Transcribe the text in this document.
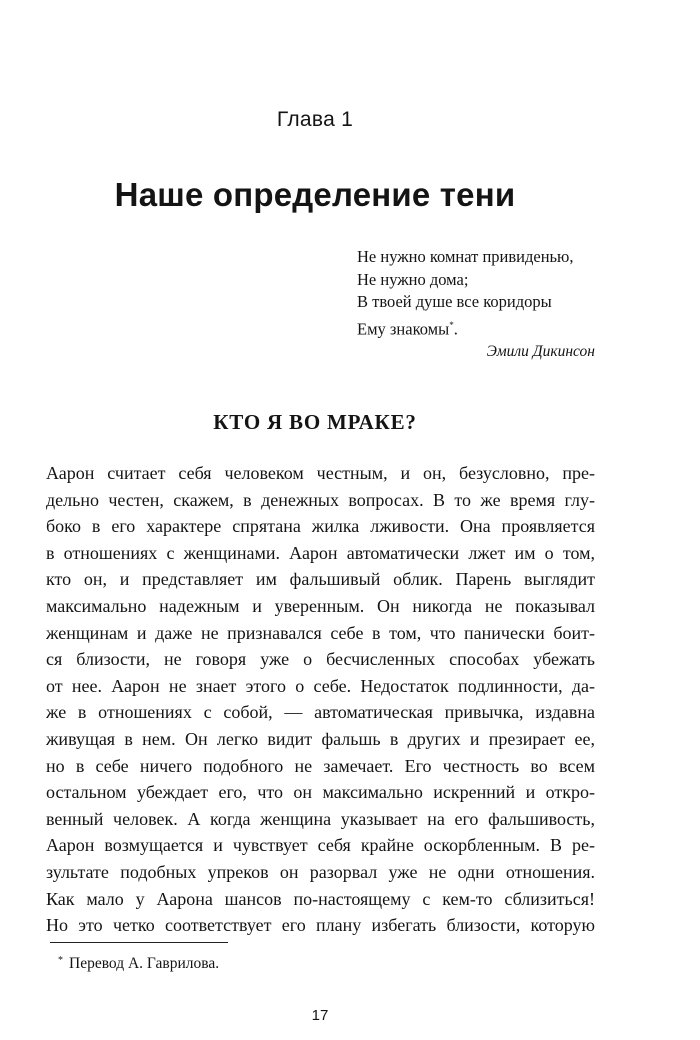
Глава 1
Наше определение тени
Не нужно комнат привиденью,
Не нужно дома;
В твоей душе все коридоры
Ему знакомы*.
Эмили Дикинсон
КТО Я ВО МРАКЕ?
Аарон считает себя человеком честным, и он, безусловно, пре-
дельно честен, скажем, в денежных вопросах. В то же время глу-
боко в его характере спрятана жилка лживости. Она проявляется
в отношениях с женщинами. Аарон автоматически лжет им о том,
кто он, и представляет им фальшивый облик. Парень выглядит
максимально надежным и уверенным. Он никогда не показывал
женщинам и даже не признавался себе в том, что панически боит-
ся близости, не говоря уже о бесчисленных способах убежать
от нее. Аарон не знает этого о себе. Недостаток подлинности, да-
же в отношениях с собой, — автоматическая привычка, издавна
живущая в нем. Он легко видит фальшь в других и презирает ее,
но в себе ничего подобного не замечает. Его честность во всем
остальном убеждает его, что он максимально искренний и откро-
венный человек. А когда женщина указывает на его фальшивость,
Аарон возмущается и чувствует себя крайне оскорбленным. В ре-
зультате подобных упреков он разорвал уже не одни отношения.
Как мало у Аарона шансов по-настоящему с кем-то сблизиться!
Но это четко соответствует его плану избегать близости, которую
* Перевод А. Гаврилова.
17
